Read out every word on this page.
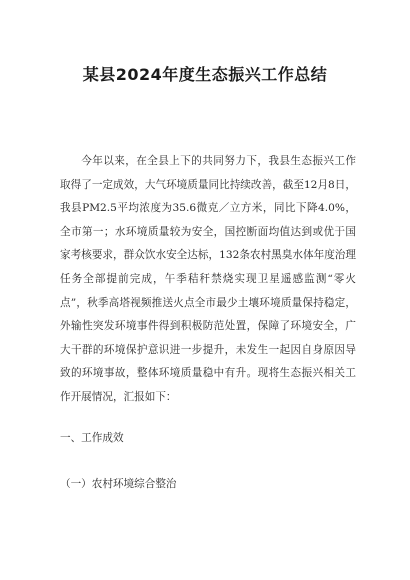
某县2024年度生态振兴工作总结

今年以来，在全县上下的共同努力下，我县生态振兴工作取得了一定成效，大气环境质量同比持续改善，截至12月8日，我县PM2.5平均浓度为35.6微克／立方米，同比下降4.0%，全市第一；水环境质量较为安全，国控断面均值达到或优于国家考核要求，群众饮水安全达标，132条农村黑臭水体年度治理任务全部提前完成，午季秸秆禁烧实现卫星遥感监测“零火点”，秋季高塔视频推送火点全市最少土壤环境质量保持稳定，外输性突发环境事件得到积极防范处置，保障了环境安全，广大干群的环境保护意识进一步提升，未发生一起因自身原因导致的环境事故，整体环境质量稳中有升。现将生态振兴相关工作开展情况，汇报如下：

一、工作成效
（一）农村环境综合整治
